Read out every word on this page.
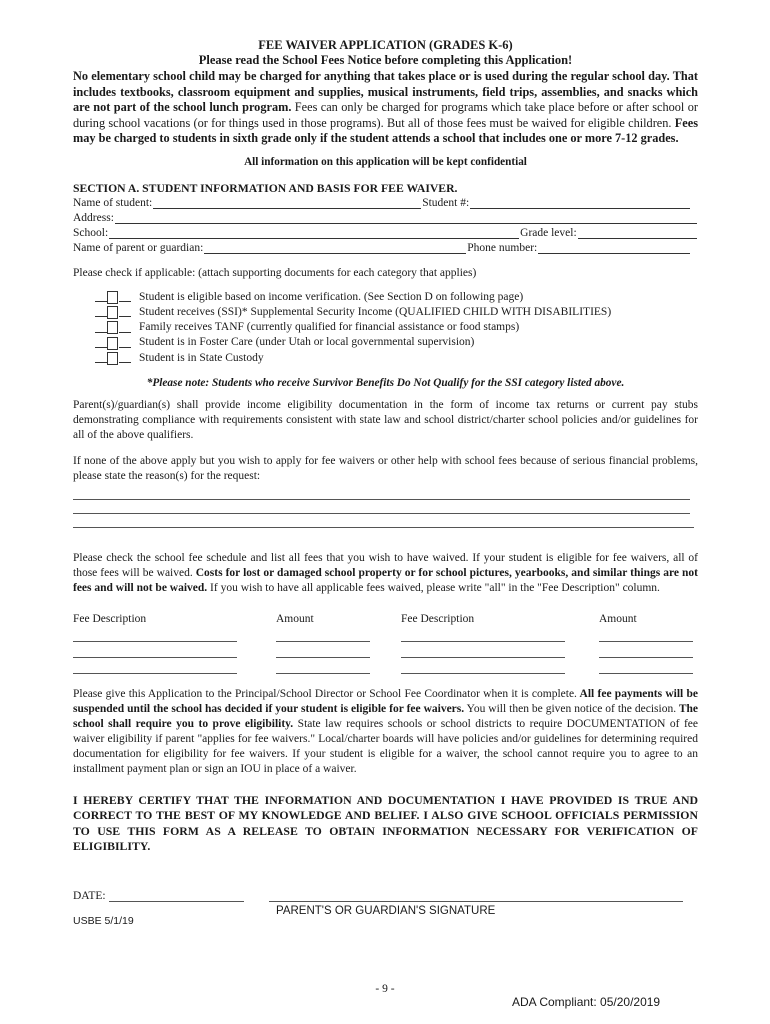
FEE WAIVER APPLICATION (GRADES K-6)
Please read the School Fees Notice before completing this Application!
No elementary school child may be charged for anything that takes place or is used during the regular school day. That includes textbooks, classroom equipment and supplies, musical instruments, field trips, assemblies, and snacks which are not part of the school lunch program. Fees can only be charged for programs which take place before or after school or during school vacations (or for things used in those programs). But all of those fees must be waived for eligible children. Fees may be charged to students in sixth grade only if the student attends a school that includes one or more 7-12 grades.
All information on this application will be kept confidential
SECTION A. STUDENT INFORMATION AND BASIS FOR FEE WAIVER.
Name of student:	Student #:
Address:
School:	Grade level:
Name of parent or guardian:	Phone number:
Please check if applicable: (attach supporting documents for each category that applies)
Student is eligible based on income verification. (See Section D on following page)
Student receives (SSI)* Supplemental Security Income (QUALIFIED CHILD WITH DISABILITIES)
Family receives TANF (currently qualified for financial assistance or food stamps)
Student is in Foster Care (under Utah or local governmental supervision)
Student is in State Custody
*Please note: Students who receive Survivor Benefits Do Not Qualify for the SSI category listed above.
Parent(s)/guardian(s) shall provide income eligibility documentation in the form of income tax returns or current pay stubs demonstrating compliance with requirements consistent with state law and school district/charter school policies and/or guidelines for all of the above qualifiers.
If none of the above apply but you wish to apply for fee waivers or other help with school fees because of serious financial problems, please state the reason(s) for the request:
Please check the school fee schedule and list all fees that you wish to have waived. If your student is eligible for fee waivers, all of those fees will be waived. Costs for lost or damaged school property or for school pictures, yearbooks, and similar things are not fees and will not be waived. If you wish to have all applicable fees waived, please write "all" in the "Fee Description" column.
Fee Description	Amount	Fee Description	Amount
Please give this Application to the Principal/School Director or School Fee Coordinator when it is complete. All fee payments will be suspended until the school has decided if your student is eligible for fee waivers. You will then be given notice of the decision. The school shall require you to prove eligibility. State law requires schools or school districts to require DOCUMENTATION of fee waiver eligibility if parent "applies for fee waivers." Local/charter boards will have policies and/or guidelines for determining required documentation for eligibility for fee waivers. If your student is eligible for a waiver, the school cannot require you to agree to an installment payment plan or sign an IOU in place of a waiver.
I HEREBY CERTIFY THAT THE INFORMATION AND DOCUMENTATION I HAVE PROVIDED IS TRUE AND CORRECT TO THE BEST OF MY KNOWLEDGE AND BELIEF. I ALSO GIVE SCHOOL OFFICIALS PERMISSION TO USE THIS FORM AS A RELEASE TO OBTAIN INFORMATION NECESSARY FOR VERIFICATION OF ELIGIBILITY.
DATE:
PARENT'S OR GUARDIAN'S SIGNATURE
USBE 5/1/19
- 9 -
ADA Compliant: 05/20/2019
